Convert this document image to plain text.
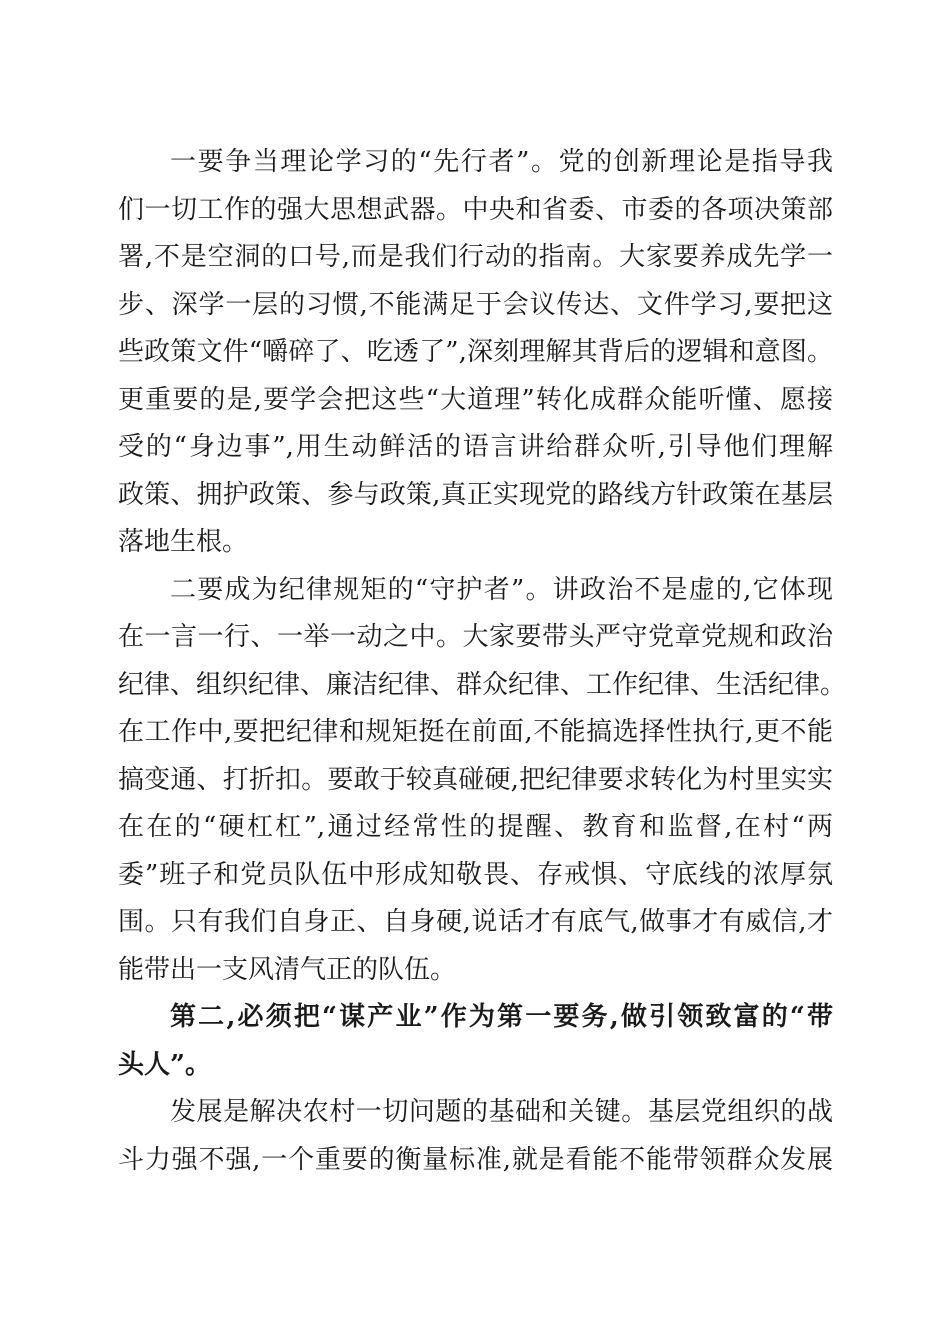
一要争当理论学习的“先行者”。党的创新理论是指导我
们一切工作的强大思想武器。中央和省委、市委的各项决策部
署,不是空洞的口号,而是我们行动的指南。大家要养成先学一
步、深学一层的习惯,不能满足于会议传达、文件学习,要把这
些政策文件“嚼碎了、吃透了”,深刻理解其背后的逻辑和意图。
更重要的是,要学会把这些“大道理”转化成群众能听懂、愿接
受的“身边事”,用生动鲜活的语言讲给群众听,引导他们理解
政策、拥护政策、参与政策,真正实现党的路线方针政策在基层
落地生根。
二要成为纪律规矩的“守护者”。讲政治不是虚的,它体现
在一言一行、一举一动之中。大家要带头严守党章党规和政治
纪律、组织纪律、廉洁纪律、群众纪律、工作纪律、生活纪律。
在工作中,要把纪律和规矩挺在前面,不能搞选择性执行,更不能
搞变通、打折扣。要敢于较真碰硬,把纪律要求转化为村里实实
在在的“硬杠杠”,通过经常性的提醒、教育和监督,在村“两
委”班子和党员队伍中形成知敬畏、存戒惧、守底线的浓厚氛
围。只有我们自身正、自身硬,说话才有底气,做事才有威信,才
能带出一支风清气正的队伍。
第二,必须把“谋产业”作为第一要务,做引领致富的“带
头人”。
发展是解决农村一切问题的基础和关键。基层党组织的战
斗力强不强,一个重要的衡量标准,就是看能不能带领群众发展
